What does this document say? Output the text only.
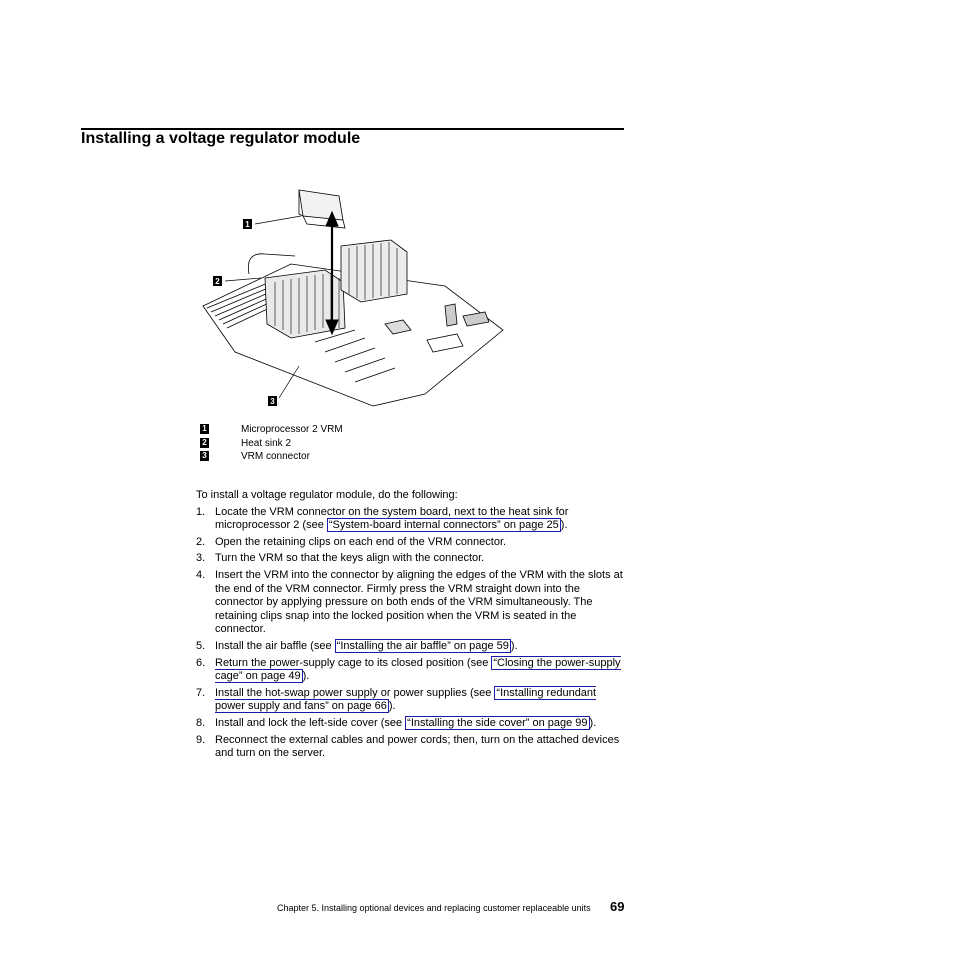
Installing a voltage regulator module
1
2
3
1	Microprocessor 2 VRM
2	Heat sink 2
3	VRM connector

To install a voltage regulator module, do the following:

1. Locate the VRM connector on the system board, next to the heat sink for microprocessor 2 (see “System-board internal connectors” on page 25 ).
2. Open the retaining clips on each end of the VRM connector.
3. Turn the VRM so that the keys align with the connector.
4. Insert the VRM into the connector by aligning the edges of the VRM with the slots at the end of the VRM connector. Firmly press the VRM straight down into the connector by applying pressure on both ends of the VRM simultaneously. The retaining clips snap into the locked position when the VRM is seated in the connector.
5. Install the air baffle (see “Installing the air baffle” on page 59 ).
6. Return the power-supply cage to its closed position (see “Closing the power-supply cage” on page 49 ).
7. Install the hot-swap power supply or power supplies (see “Installing redundant power supply and fans” on page 66 ).
8. Install and lock the left-side cover (see “Installing the side cover” on page 99 ).
9. Reconnect the external cables and power cords; then, turn on the attached devices and turn on the server.
Chapter 5. Installing optional devices and replacing customer replaceable units 69
